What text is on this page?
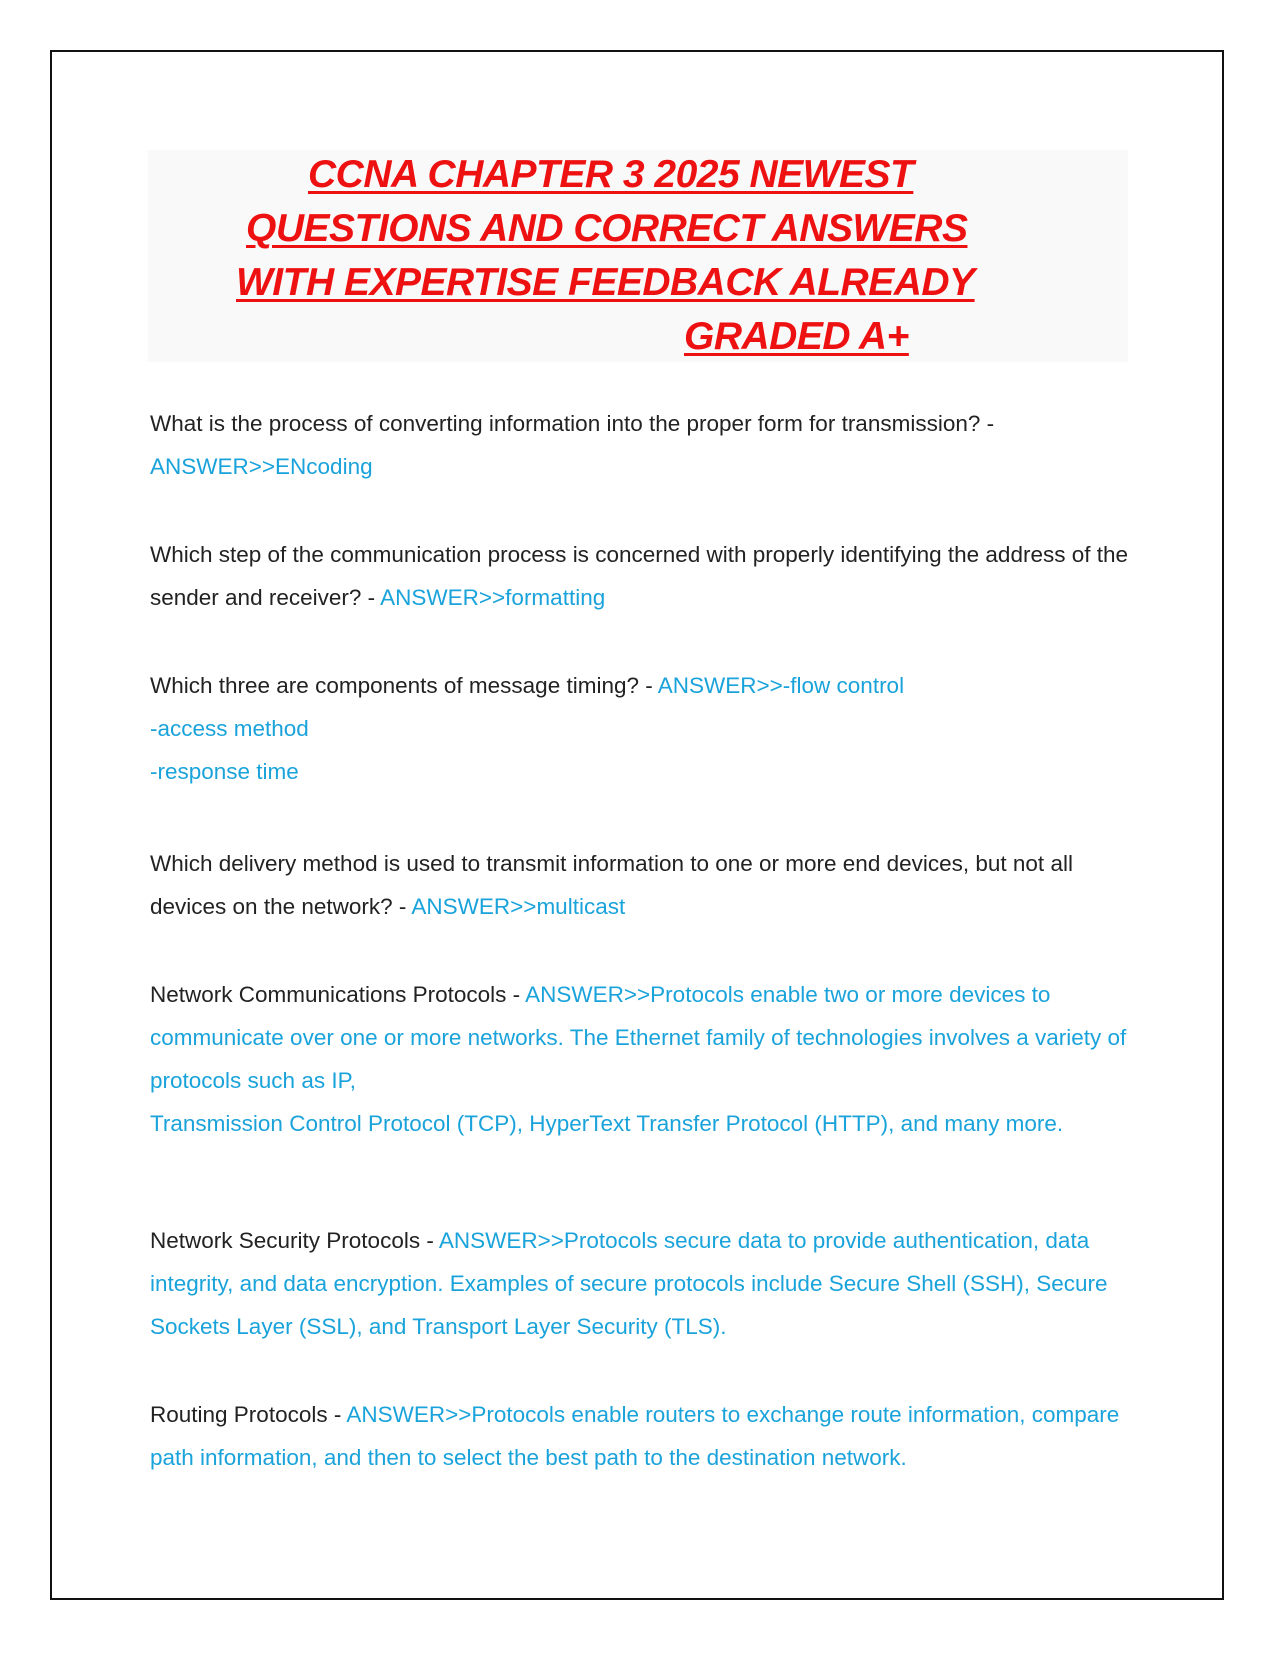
CCNA CHAPTER 3 2025 NEWEST
QUESTIONS AND CORRECT ANSWERS
WITH EXPERTISE FEEDBACK ALREADY
GRADED A+
What is the process of converting information into the proper form for transmission? - ANSWER>>ENcoding
Which step of the communication process is concerned with properly identifying the address of the sender and receiver? - ANSWER>>formatting
Which three are components of message timing? - ANSWER>>-flow control
-access method
-response time
Which delivery method is used to transmit information to one or more end devices, but not all devices on the network? - ANSWER>>multicast
Network Communications Protocols - ANSWER>>Protocols enable two or more devices to communicate over one or more networks. The Ethernet family of technologies involves a variety of protocols such as IP,
Transmission Control Protocol (TCP), HyperText Transfer Protocol (HTTP), and many more.
Network Security Protocols - ANSWER>>Protocols secure data to provide authentication, data integrity, and data encryption. Examples of secure protocols include Secure Shell (SSH), Secure Sockets Layer (SSL), and Transport Layer Security (TLS).
Routing Protocols - ANSWER>>Protocols enable routers to exchange route information, compare path information, and then to select the best path to the destination network.
